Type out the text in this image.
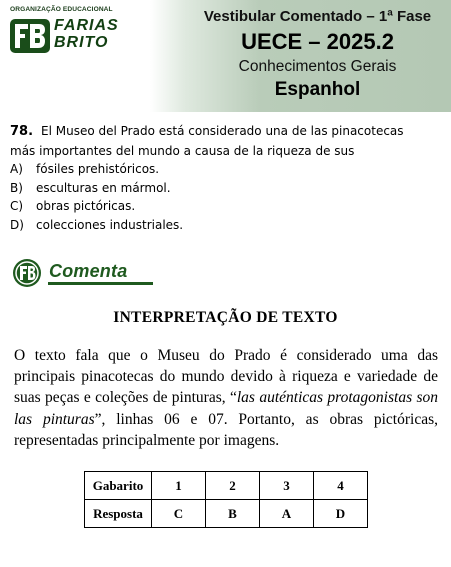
ORGANIZAÇÃO EDUCACIONAL
FARIAS
BRITO
Vestibular Comentado – 1ª Fase
UECE – 2025.2
Conhecimentos Gerais
Espanhol
78. El Museo del Prado está considerado una de las pinacotecas
más importantes del mundo a causa de la riqueza de sus
A) fósiles prehistóricos.
B) esculturas en mármol.
C) obras pictóricas.
D) colecciones industriales.
Comenta
INTERPRETAÇÃO DE TEXTO
O texto fala que o Museu do Prado é considerado uma das principais pinacotecas do mundo devido à riqueza e variedade de suas peças e coleções de pinturas, “las auténticas protagonistas son las pinturas”, linhas 06 e 07. Portanto, as obras pictóricas, representadas principalmente por imagens.
Gabarito	1	2	3	4
Resposta	C	B	A	D
